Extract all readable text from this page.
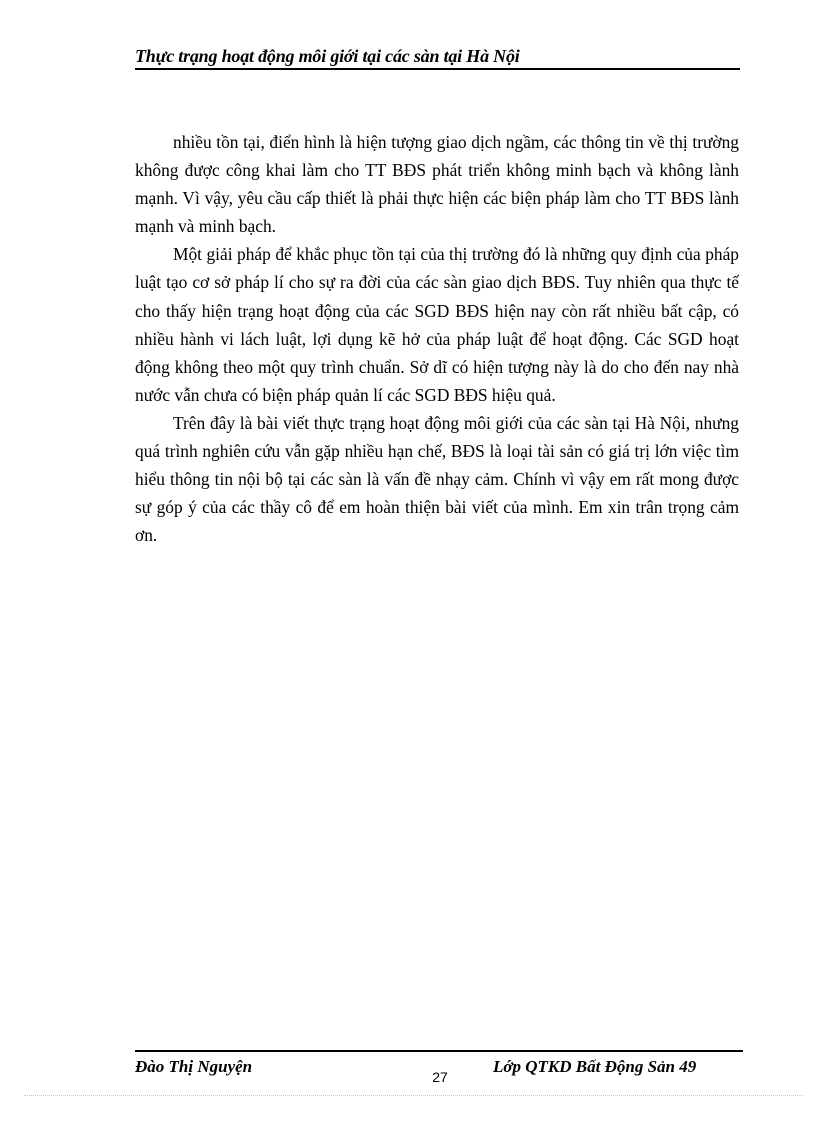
Thực trạng hoạt động môi giới tại các sàn tại Hà Nội

nhiều tồn tại, điển hình là hiện tượng giao dịch ngầm, các thông tin về thị trường không được công khai làm cho TT BĐS phát triển không minh bạch và không lành mạnh. Vì vậy, yêu cầu cấp thiết là phải thực hiện các biện pháp làm cho TT BĐS lành mạnh và minh bạch.

Một giải pháp để khắc phục tồn tại của thị trường đó là những quy định của pháp luật tạo cơ sở pháp lí cho sự ra đời của các sàn giao dịch BĐS. Tuy nhiên qua thực tế cho thấy hiện trạng hoạt động của các SGD BĐS hiện nay còn rất nhiều bất cập, có nhiều hành vi lách luật, lợi dụng kẽ hở của pháp luật để hoạt động. Các SGD hoạt động không theo một quy trình chuẩn. Sở dĩ có hiện tượng này là do cho đến nay nhà nước vẫn chưa có biện pháp quản lí các SGD BĐS hiệu quả.

Trên đây là bài viết thực trạng hoạt động môi giới của các sàn tại Hà Nội, nhưng quá trình nghiên cứu vẫn gặp nhiều hạn chế, BĐS là loại tài sản có giá trị lớn việc tìm hiểu thông tin nội bộ tại các sàn là vấn đề nhạy cảm. Chính vì vậy em rất mong được sự góp ý của các thầy cô để em hoàn thiện bài viết của mình. Em xin trân trọng cảm ơn.

Đào Thị Nguyện
27
Lớp QTKD Bất Động Sản 49
